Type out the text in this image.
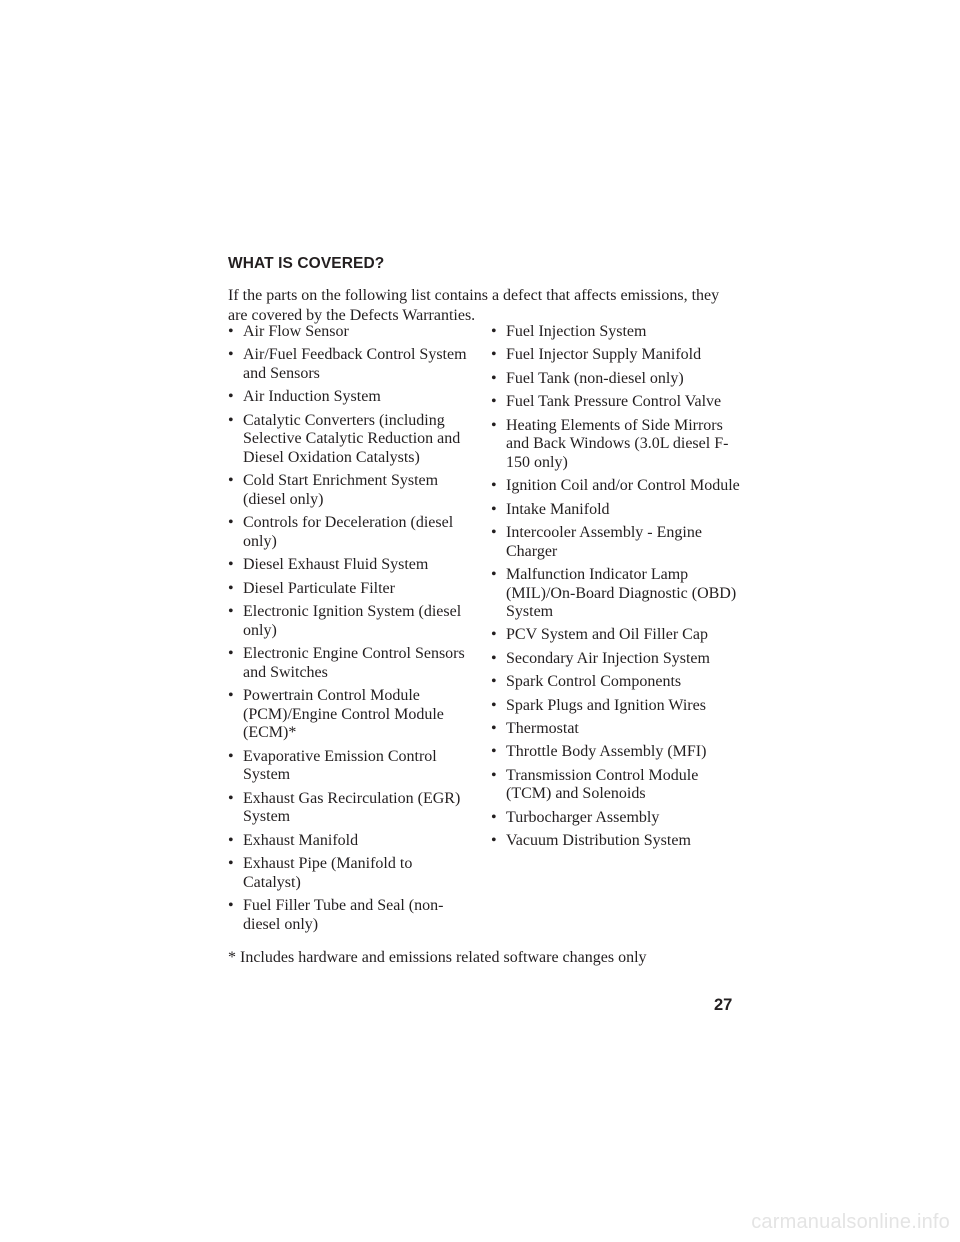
WHAT IS COVERED?
If the parts on the following list contains a defect that affects emissions, they are covered by the Defects Warranties.
• Air Flow Sensor
• Air/Fuel Feedback Control System and Sensors
• Air Induction System
• Catalytic Converters (including Selective Catalytic Reduction and Diesel Oxidation Catalysts)
• Cold Start Enrichment System (diesel only)
• Controls for Deceleration (diesel only)
• Diesel Exhaust Fluid System
• Diesel Particulate Filter
• Electronic Ignition System (diesel only)
• Electronic Engine Control Sensors and Switches
• Powertrain Control Module (PCM)/Engine Control Module (ECM)*
• Evaporative Emission Control System
• Exhaust Gas Recirculation (EGR) System
• Exhaust Manifold
• Exhaust Pipe (Manifold to Catalyst)
• Fuel Filler Tube and Seal (non-diesel only)
• Fuel Injection System
• Fuel Injector Supply Manifold
• Fuel Tank (non-diesel only)
• Fuel Tank Pressure Control Valve
• Heating Elements of Side Mirrors and Back Windows (3.0L diesel F-150 only)
• Ignition Coil and/or Control Module
• Intake Manifold
• Intercooler Assembly - Engine Charger
• Malfunction Indicator Lamp (MIL)/On-Board Diagnostic (OBD) System
• PCV System and Oil Filler Cap
• Secondary Air Injection System
• Spark Control Components
• Spark Plugs and Ignition Wires
• Thermostat
• Throttle Body Assembly (MFI)
• Transmission Control Module (TCM) and Solenoids
• Turbocharger Assembly
• Vacuum Distribution System
* Includes hardware and emissions related software changes only
27
carmanualsonline.info
